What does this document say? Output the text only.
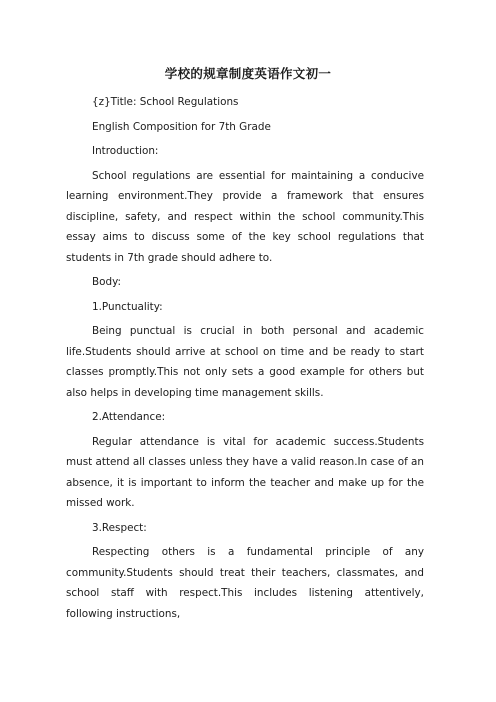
学校的规章制度英语作文初一

{z}Title: School Regulations

English Composition for 7th Grade

Introduction:

School regulations are essential for maintaining a conducive learning environment.They provide a framework that ensures discipline, safety, and respect within the school community.This essay aims to discuss some of the key school regulations that students in 7th grade should adhere to.

Body:

1.Punctuality:

Being punctual is crucial in both personal and academic life.Students should arrive at school on time and be ready to start classes promptly.This not only sets a good example for others but also helps in developing time management skills.

2.Attendance:

Regular attendance is vital for academic success.Students must attend all classes unless they have a valid reason.In case of an absence, it is important to inform the teacher and make up for the missed work.

3.Respect:

Respecting others is a fundamental principle of any community.Students should treat their teachers, classmates, and school staff with respect.This includes listening attentively, following instructions,
